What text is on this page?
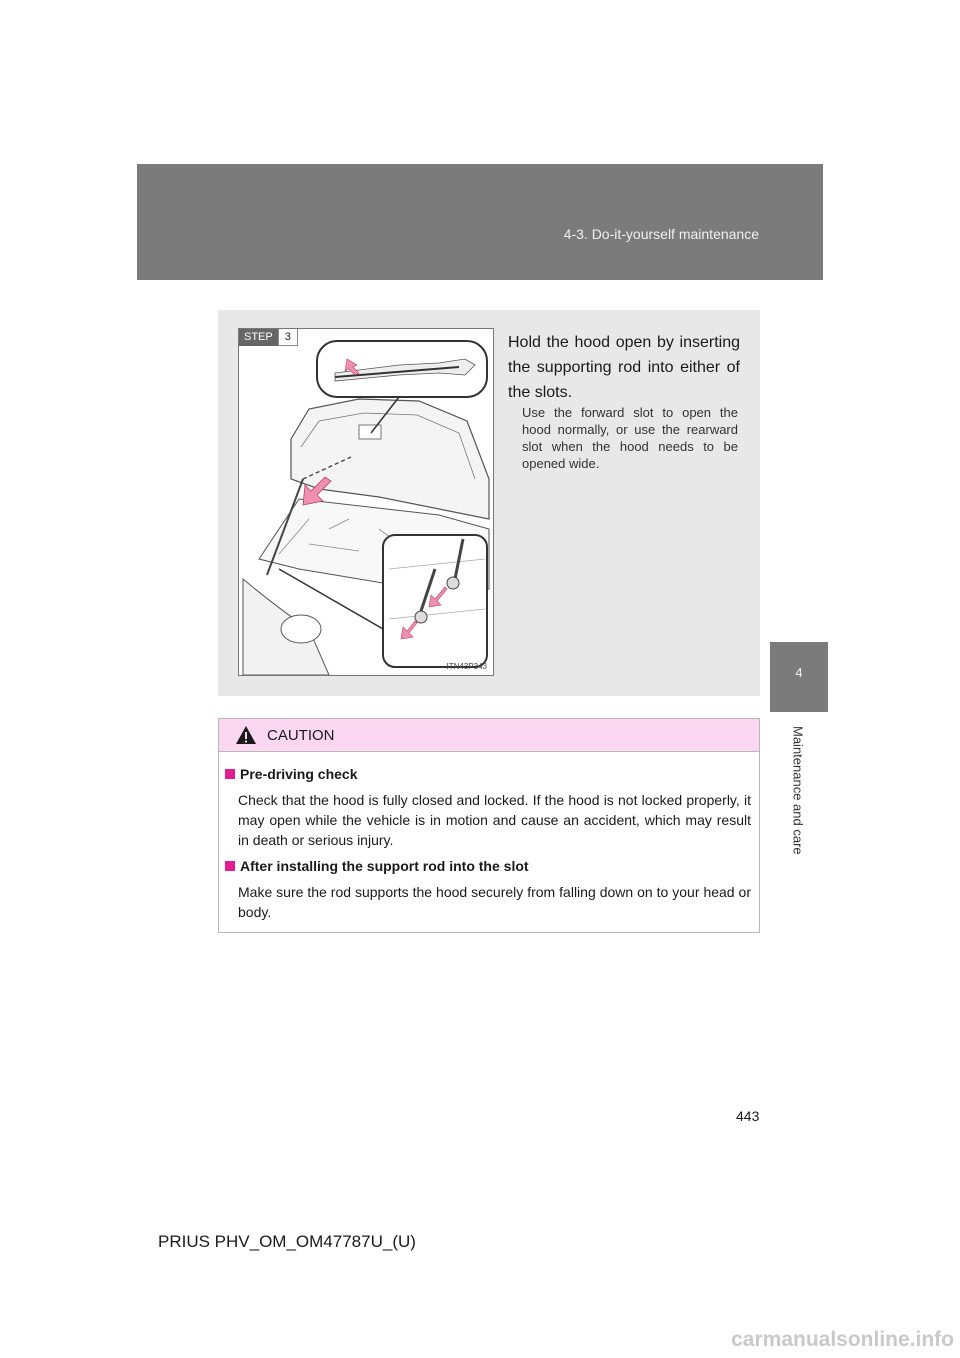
4-3. Do-it-yourself maintenance
4
Maintenance and care
STEP	3
ITN43P343
Hold the hood open by inserting the supporting rod into either of the slots.
Use the forward slot to open the hood normally, or use the rearward slot when the hood needs to be opened wide.
CAUTION
Pre-driving check
Check that the hood is fully closed and locked. If the hood is not locked properly, it may open while the vehicle is in motion and cause an accident, which may result in death or serious injury.
After installing the support rod into the slot
Make sure the rod supports the hood securely from falling down on to your head or body.
443
PRIUS PHV_OM_OM47787U_(U)
carmanualsonline.info
